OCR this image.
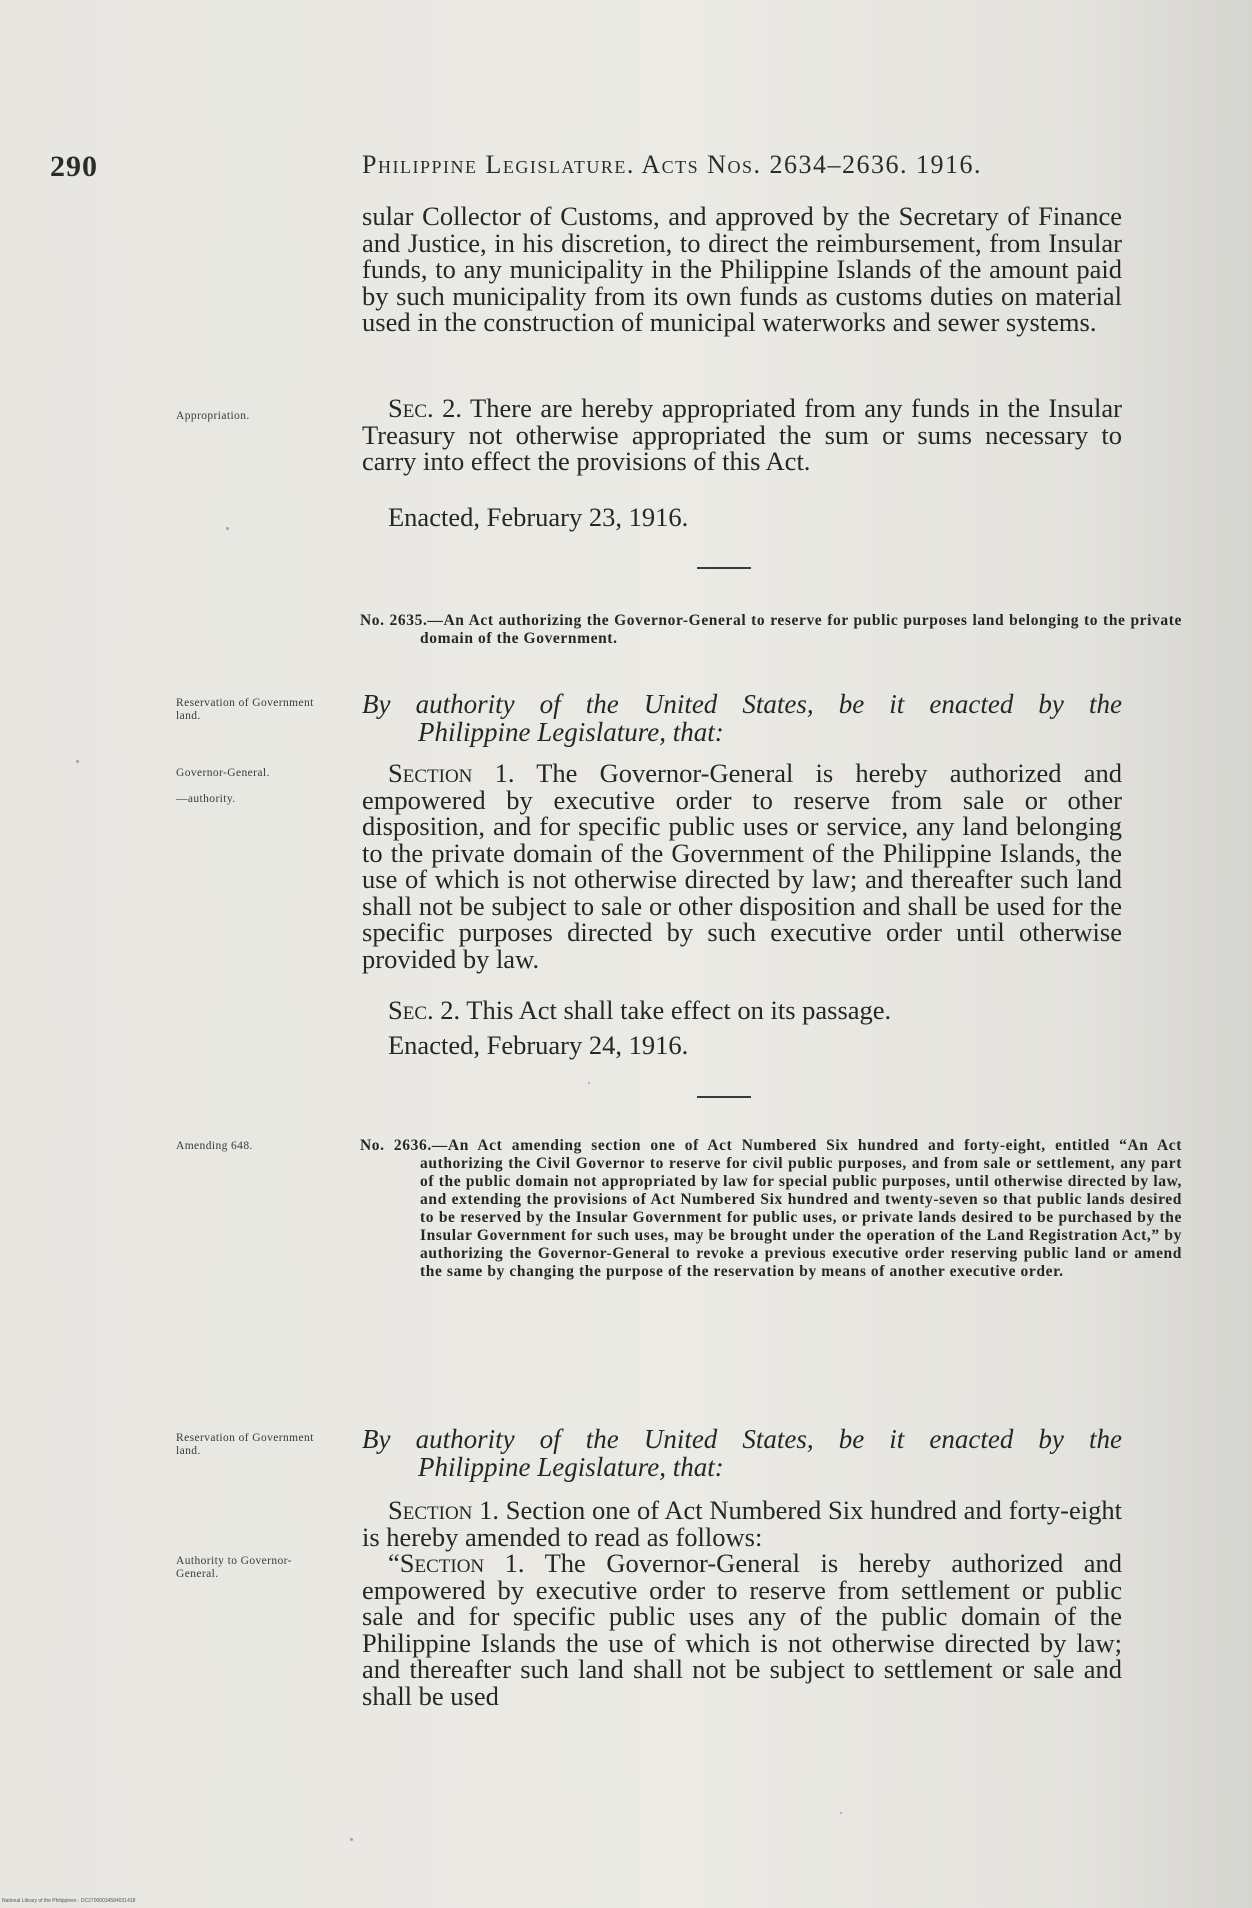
290	Philippine Legislature. Acts Nos. 2634–2636. 1916.

sular Collector of Customs, and approved by the Secretary of Finance and Justice, in his discretion, to direct the reimbursement, from Insular funds, to any municipality in the Philippine Islands of the amount paid by such municipality from its own funds as customs duties on material used in the construction of municipal waterworks and sewer systems.

Appropriation.	Sec. 2. There are hereby appropriated from any funds in the Insular Treasury not otherwise appropriated the sum or sums necessary to carry into effect the provisions of this Act.

Enacted, February 23, 1916.

No. 2635.—An Act authorizing the Governor-General to reserve for public purposes land belonging to the private domain of the Government.

Reservation of Government land.	By authority of the United States, be it enacted by the
Philippine Legislature, that:

Governor-General.
—authority.

Section 1. The Governor-General is hereby authorized and empowered by executive order to reserve from sale or other disposition, and for specific public uses or service, any land belonging to the private domain of the Government of the Philippine Islands, the use of which is not otherwise directed by law; and thereafter such land shall not be subject to sale or other disposition and shall be used for the specific purposes directed by such executive order until otherwise provided by law.

Sec. 2. This Act shall take effect on its passage.

Enacted, February 24, 1916.

Amending 648.	No. 2636.—An Act amending section one of Act Numbered Six hundred and forty-eight, entitled “An Act authorizing the Civil Governor to reserve for civil public purposes, and from sale or settlement, any part of the public domain not appropriated by law for special public purposes, until otherwise directed by law, and extending the provisions of Act Numbered Six hundred and twenty-seven so that public lands desired to be reserved by the Insular Government for public uses, or private lands desired to be purchased by the Insular Government for such uses, may be brought under the operation of the Land Registration Act,” by authorizing the Governor-General to revoke a previous executive order reserving public land or amend the same by changing the purpose of the reservation by means of another executive order.

Reservation of Government land.	By authority of the United States, be it enacted by the
Philippine Legislature, that:

Section 1. Section one of Act Numbered Six hundred and forty-eight is hereby amended to read as follows:

Authority to Governor-General.	“Section 1. The Governor-General is hereby authorized and empowered by executive order to reserve from settlement or public sale and for specific public uses any of the public domain of the Philippine Islands the use of which is not otherwise directed by law; and thereafter such land shall not be subject to settlement or sale and shall be used

National Library of the Philippines · DC27000034584031418
